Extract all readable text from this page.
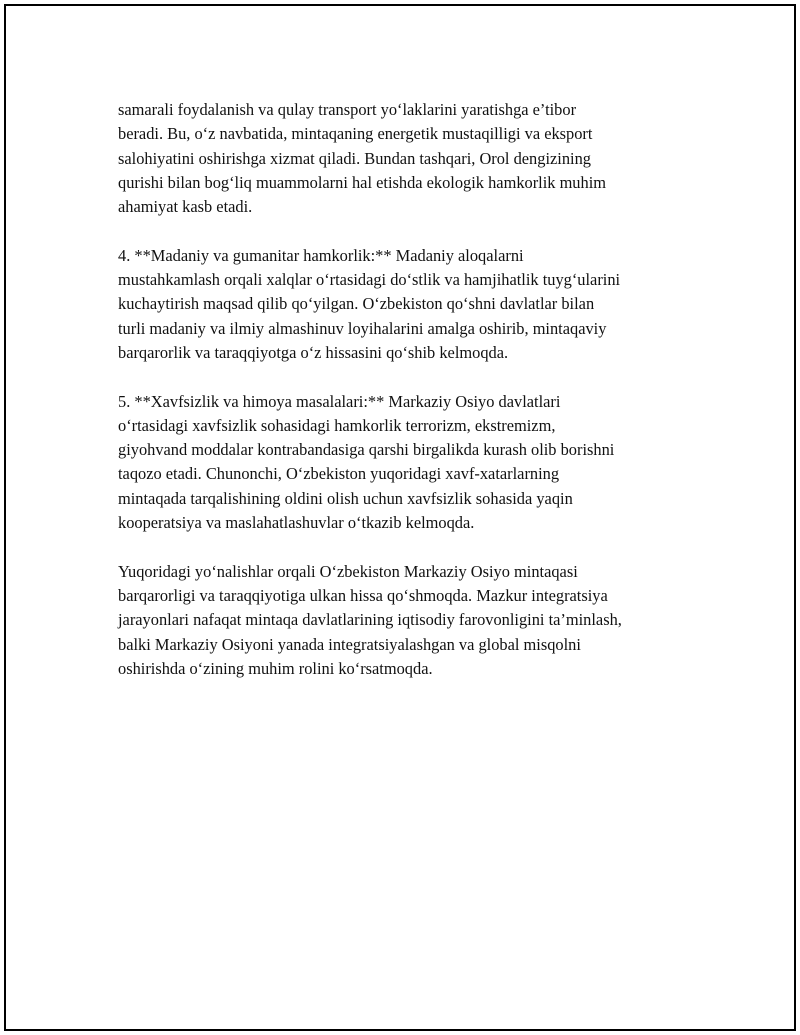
samarali foydalanish va qulay transport yo‘laklarini yaratishga e’tibor
beradi. Bu, o‘z navbatida, mintaqaning energetik mustaqilligi va eksport
salohiyatini oshirishga xizmat qiladi. Bundan tashqari, Orol dengizining
qurishi bilan bog‘liq muammolarni hal etishda ekologik hamkorlik muhim
ahamiyat kasb etadi.

4. **Madaniy va gumanitar hamkorlik:** Madaniy aloqalarni
mustahkamlash orqali xalqlar o‘rtasidagi do‘stlik va hamjihatlik tuyg‘ularini
kuchaytirish maqsad qilib qo‘yilgan. O‘zbekiston qo‘shni davlatlar bilan
turli madaniy va ilmiy almashinuv loyihalarini amalga oshirib, mintaqaviy
barqarorlik va taraqqiyotga o‘z hissasini qo‘shib kelmoqda.

5. **Xavfsizlik va himoya masalalari:** Markaziy Osiyo davlatlari
o‘rtasidagi xavfsizlik sohasidagi hamkorlik terrorizm, ekstremizm,
giyohvand moddalar kontrabandasiga qarshi birgalikda kurash olib borishni
taqozo etadi. Chunonchi, O‘zbekiston yuqoridagi xavf-xatarlarning
mintaqada tarqalishining oldini olish uchun xavfsizlik sohasida yaqin
kooperatsiya va maslahatlashuvlar o‘tkazib kelmoqda.

Yuqoridagi yo‘nalishlar orqali O‘zbekiston Markaziy Osiyo mintaqasi
barqarorligi va taraqqiyotiga ulkan hissa qo‘shmoqda. Mazkur integratsiya
jarayonlari nafaqat mintaqa davlatlarining iqtisodiy farovonligini ta’minlash,
balki Markaziy Osiyoni yanada integratsiyalashgan va global misqolni
oshirishda o‘zining muhim rolini ko‘rsatmoqda.
